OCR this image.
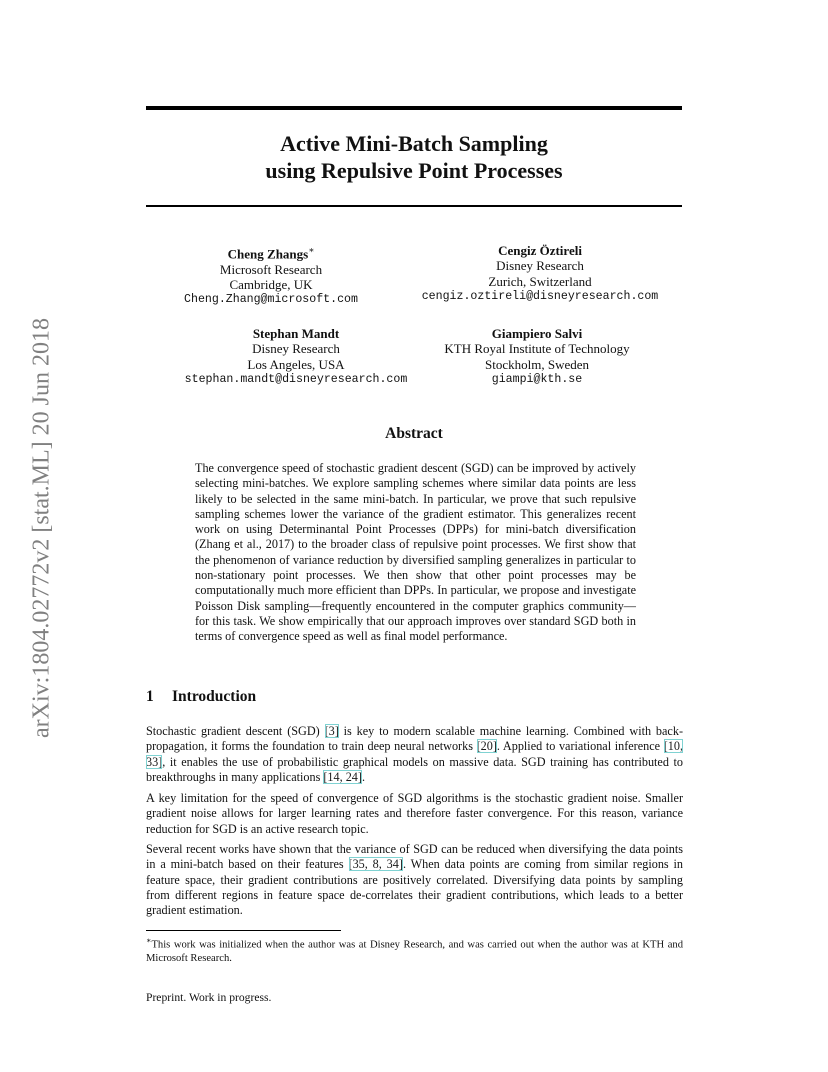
arXiv:1804.02772v2 [stat.ML] 20 Jun 2018
Active Mini-Batch Sampling
using Repulsive Point Processes
Cheng Zhangs∗
Microsoft Research
Cambridge, UK
Cheng.Zhang@microsoft.com
Cengiz Öztireli
Disney Research
Zurich, Switzerland
cengiz.oztireli@disneyresearch.com
Stephan Mandt
Disney Research
Los Angeles, USA
stephan.mandt@disneyresearch.com
Giampiero Salvi
KTH Royal Institute of Technology
Stockholm, Sweden
giampi@kth.se
Abstract
The convergence speed of stochastic gradient descent (SGD) can be improved by actively selecting mini-batches. We explore sampling schemes where similar data points are less likely to be selected in the same mini-batch. In particular, we prove that such repulsive sampling schemes lower the variance of the gradient estimator. This generalizes recent work on using Determinantal Point Processes (DPPs) for mini-batch diversification (Zhang et al., 2017) to the broader class of repulsive point processes. We first show that the phenomenon of variance reduction by diversified sampling generalizes in particular to non-stationary point processes. We then show that other point processes may be computationally much more efficient than DPPs. In particular, we propose and investigate Poisson Disk sampling—frequently encountered in the computer graphics community—for this task. We show empirically that our approach improves over standard SGD both in terms of convergence speed as well as final model performance.
1 Introduction

Stochastic gradient descent (SGD) [3] is key to modern scalable machine learning. Combined with back-propagation, it forms the foundation to train deep neural networks [20]. Applied to variational inference [10, 33], it enables the use of probabilistic graphical models on massive data. SGD training has contributed to breakthroughs in many applications [14, 24].

A key limitation for the speed of convergence of SGD algorithms is the stochastic gradient noise. Smaller gradient noise allows for larger learning rates and therefore faster convergence. For this reason, variance reduction for SGD is an active research topic.

Several recent works have shown that the variance of SGD can be reduced when diversifying the data points in a mini-batch based on their features [35, 8, 34]. When data points are coming from similar regions in feature space, their gradient contributions are positively correlated. Diversifying data points by sampling from different regions in feature space de-correlates their gradient contributions, which leads to a better gradient estimation.

∗This work was initialized when the author was at Disney Research, and was carried out when the author was at KTH and Microsoft Research.
Preprint. Work in progress.
